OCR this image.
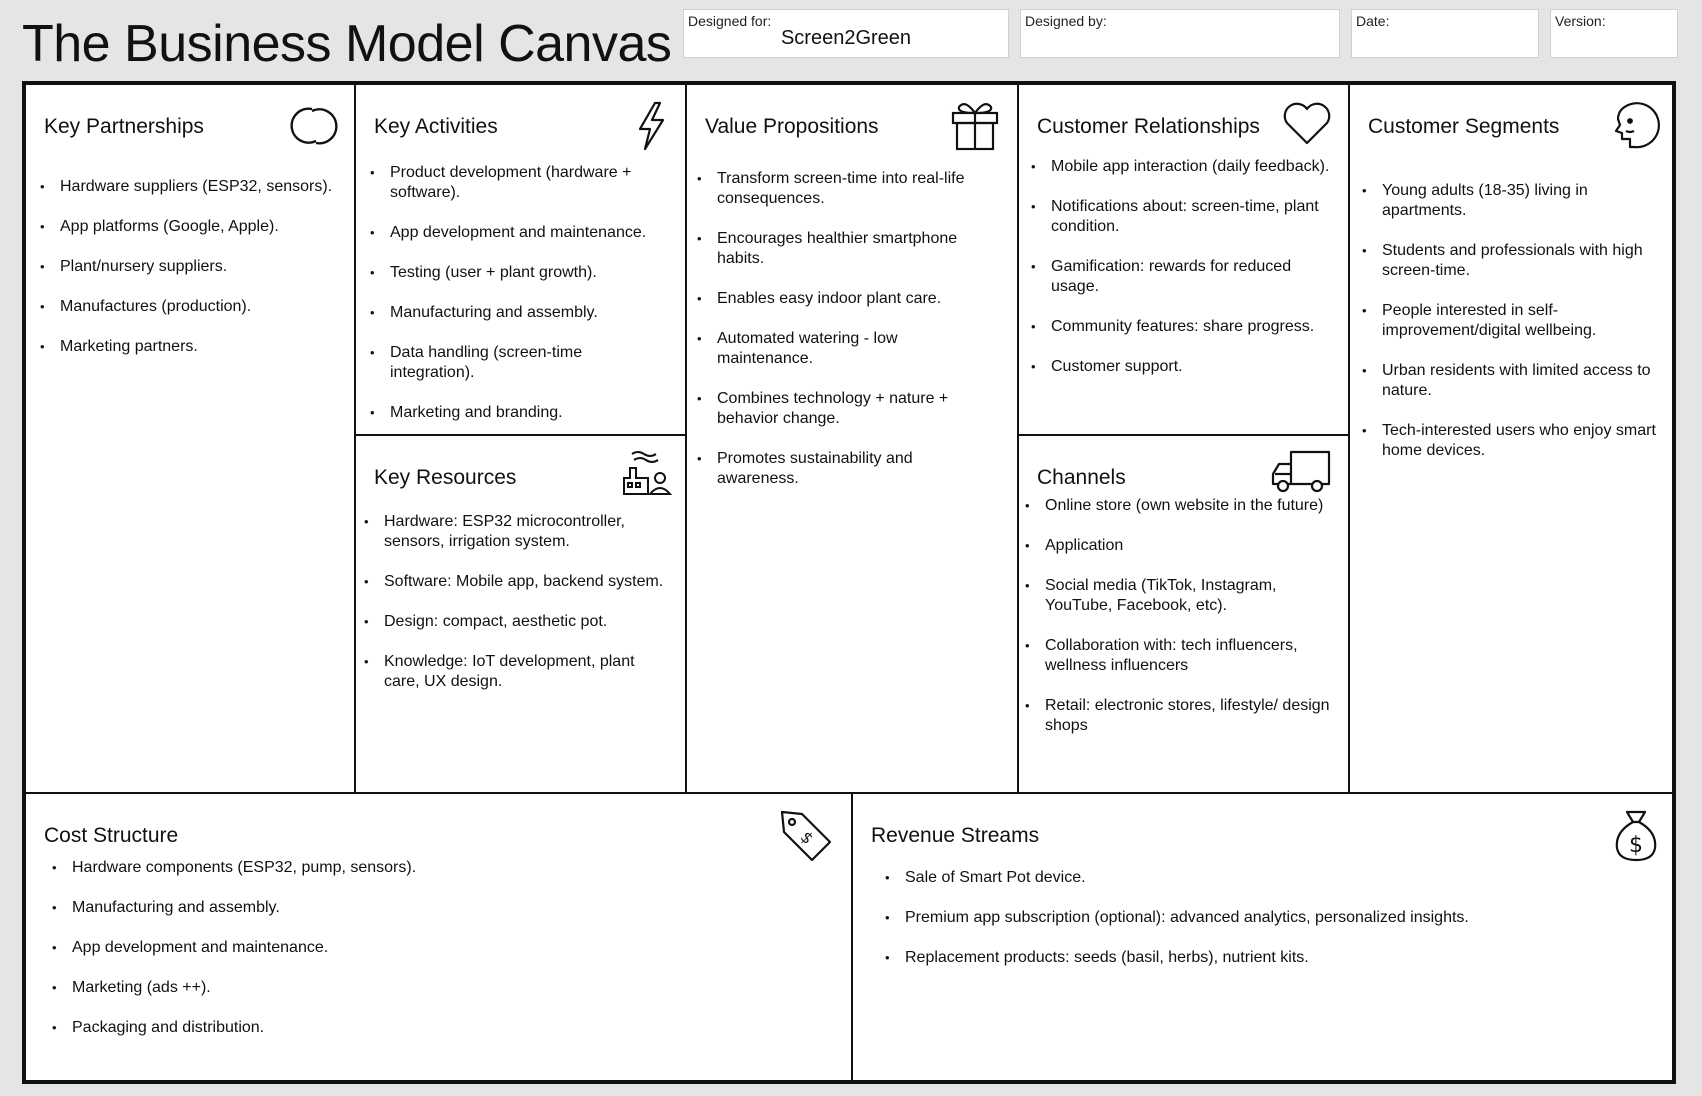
The Business Model Canvas Designed for:
Screen2Green
Designed by:	Date:	Version:
Key Partnerships
• Hardware suppliers (ESP32, sensors).
• App platforms (Google, Apple).
• Plant/nursery suppliers.
• Manufactures (production).
• Marketing partners.
Key Activities
• Product development (hardware + software).
• App development and maintenance.
• Testing (user + plant growth).
• Manufacturing and assembly.
• Data handling (screen-time integration).
• Marketing and branding.
Key Resources
• Hardware: ESP32 microcontroller, sensors, irrigation system.
• Software: Mobile app, backend system.
• Design: compact, aesthetic pot.
• Knowledge: IoT development, plant care, UX design.
Value Propositions
• Transform screen-time into real-life consequences.
• Encourages healthier smartphone habits.
• Enables easy indoor plant care.
• Automated watering - low maintenance.
• Combines technology + nature + behavior change.
• Promotes sustainability and awareness.
Customer Relationships
• Mobile app interaction (daily feedback).
• Notifications about: screen-time, plant condition.
• Gamification: rewards for reduced usage.
• Community features: share progress.
• Customer support.
Channels
• Online store (own website in the future)
• Application
• Social media (TikTok, Instagram, YouTube, Facebook, etc).
• Collaboration with: tech influencers, wellness influencers
• Retail: electronic stores, lifestyle/ design shops
Customer Segments
• Young adults (18-35) living in apartments.
• Students and professionals with high screen-time.
• People interested in self-improvement/digital wellbeing.
• Urban residents with limited access to nature.
• Tech-interested users who enjoy smart home devices.
Cost Structure	$
• Hardware components (ESP32, pump, sensors).
• Manufacturing and assembly.
• App development and maintenance.
• Marketing (ads ++).
• Packaging and distribution.
Revenue Streams	$
• Sale of Smart Pot device.
• Premium app subscription (optional): advanced analytics, personalized insights.
• Replacement products: seeds (basil, herbs), nutrient kits.
